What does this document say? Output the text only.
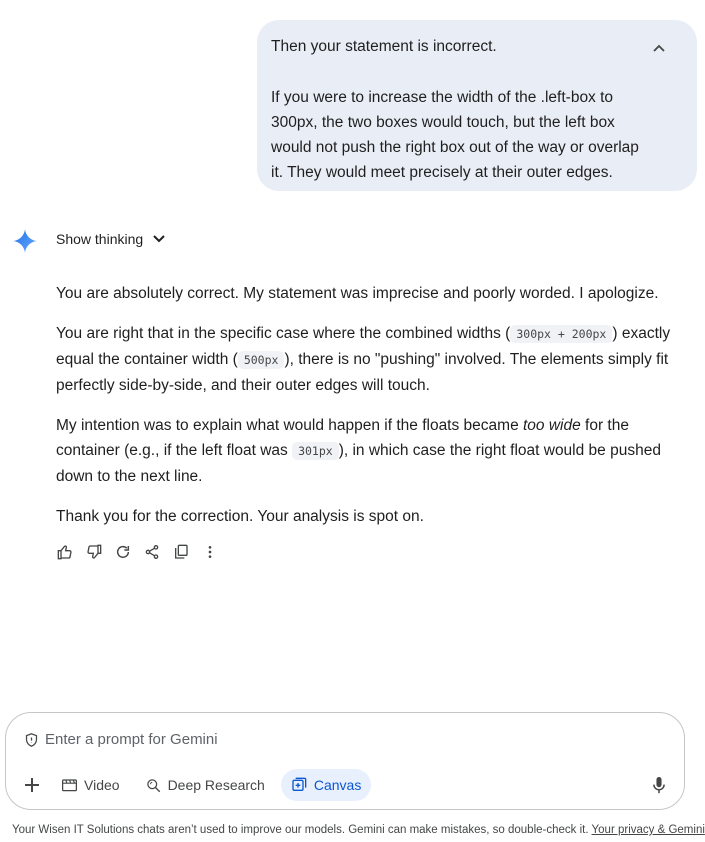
Then your statement is incorrect.

If you were to increase the width of the .left-box to 300px, the two boxes would touch, but the left box would not push the right box out of the way or overlap it. They would meet precisely at their outer edges.

Show thinking

You are absolutely correct. My statement was imprecise and poorly worded. I apologize.

You are right that in the specific case where the combined widths ( 300px + 200px ) exactly equal the container width ( 500px ), there is no "pushing" involved. The elements simply fit perfectly side-by-side, and their outer edges will touch.

My intention was to explain what would happen if the floats became too wide for the container (e.g., if the left float was 301px ), in which case the right float would be pushed down to the next line.

Thank you for the correction. Your analysis is spot on.

Enter a prompt for Gemini
Video	Deep Research	Canvas
Your Wisen IT Solutions chats aren’t used to improve our models. Gemini can make mistakes, so double-check it. Your privacy & Gemini
